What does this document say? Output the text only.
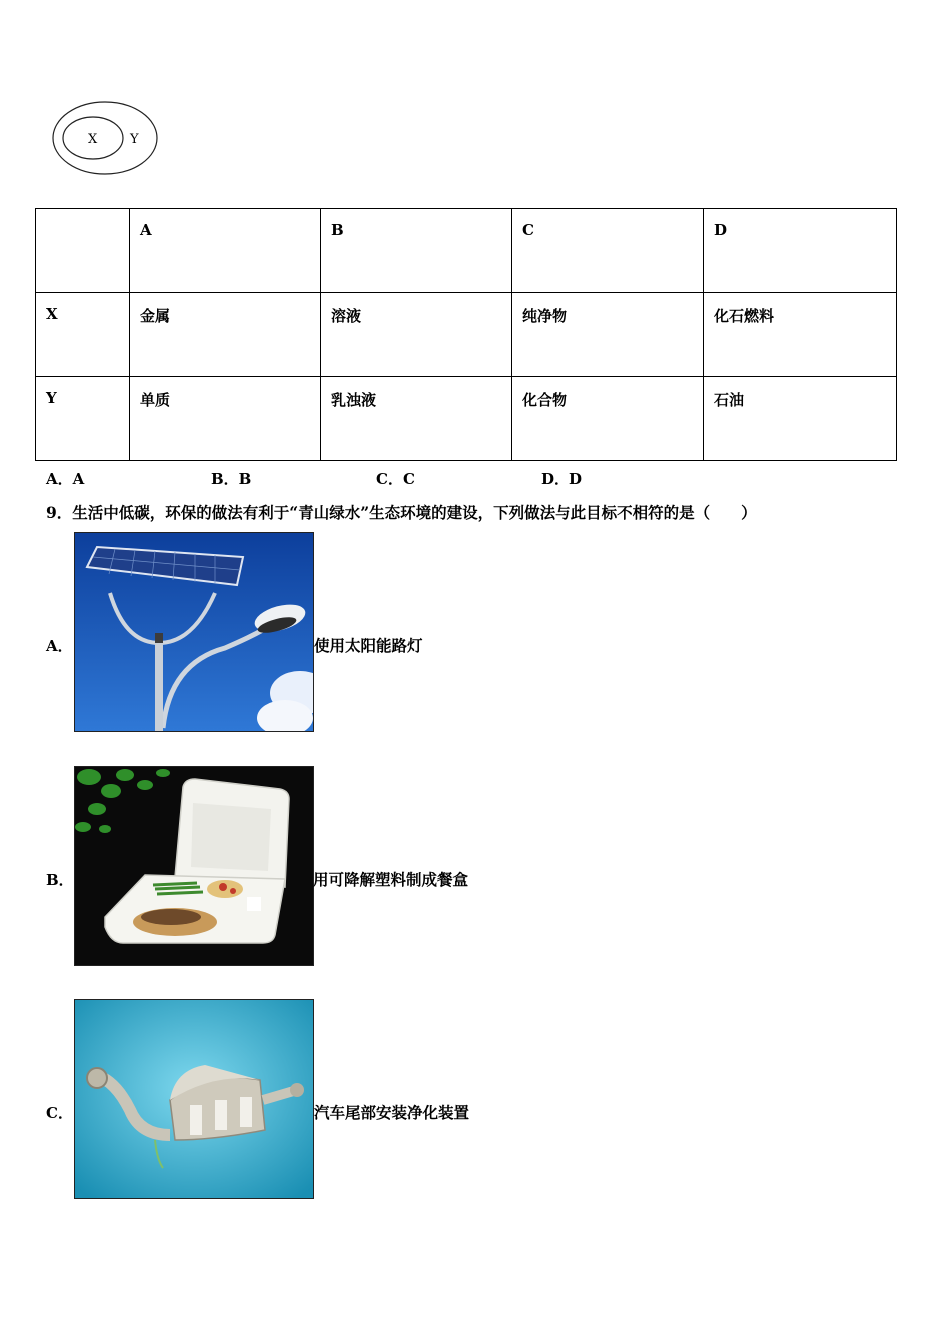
X	Y
	A	B	C	D
X	金属	溶液	纯净物	化石燃料
Y	单质	乳浊液	化合物	石油
A．A	B．B	C．C	D．D
9．生活中低碳，环保的做法有利于“青山绿水”生态环境的建设，下列做法与此目标不相符的是（　　）
A．	使用太阳能路灯
B．	用可降解塑料制成餐盒
C．	汽车尾部安装净化装置
